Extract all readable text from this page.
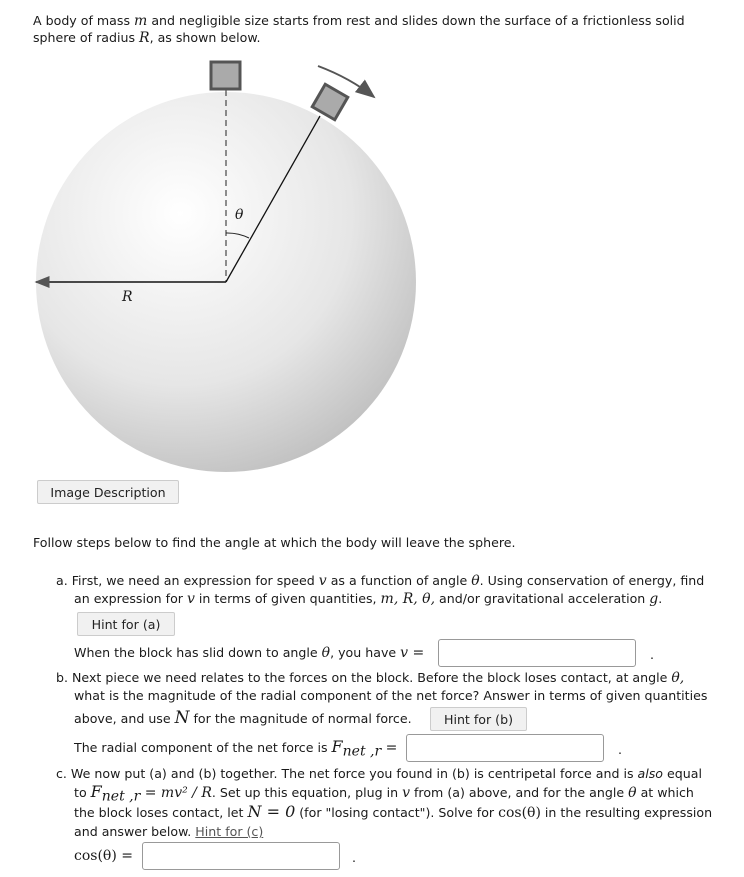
A body of mass m and negligible size starts from rest and slides down the surface of a frictionless solid
sphere of radius R, as shown below.
θ
R
Image Description
Follow steps below to find the angle at which the body will leave the sphere.
a. First, we need an expression for speed v as a function of angle θ. Using conservation of energy, find
an expression for v in terms of given quantities, m, R, θ, and/or gravitational acceleration g.
Hint for (a)
When the block has slid down to angle θ, you have v =	.
b. Next piece we need relates to the forces on the block. Before the block loses contact, at angle θ,
what is the magnitude of the radial component of the net force? Answer in terms of given quantities
above, and use N for the magnitude of normal force.	Hint for (b)
The radial component of the net force is $F_{net ,r}$ =	.
c. We now put (a) and (b) together. The net force you found in (b) is centripetal force and is also equal
to $F_{net ,r} = mv^2 / R$. Set up this equation, plug in v from (a) above, and for the angle θ at which
the block loses contact, let N = 0 (for "losing contact"). Solve for cos(θ) in the resulting expression
and answer below. Hint for (c)
cos(θ) =	.
